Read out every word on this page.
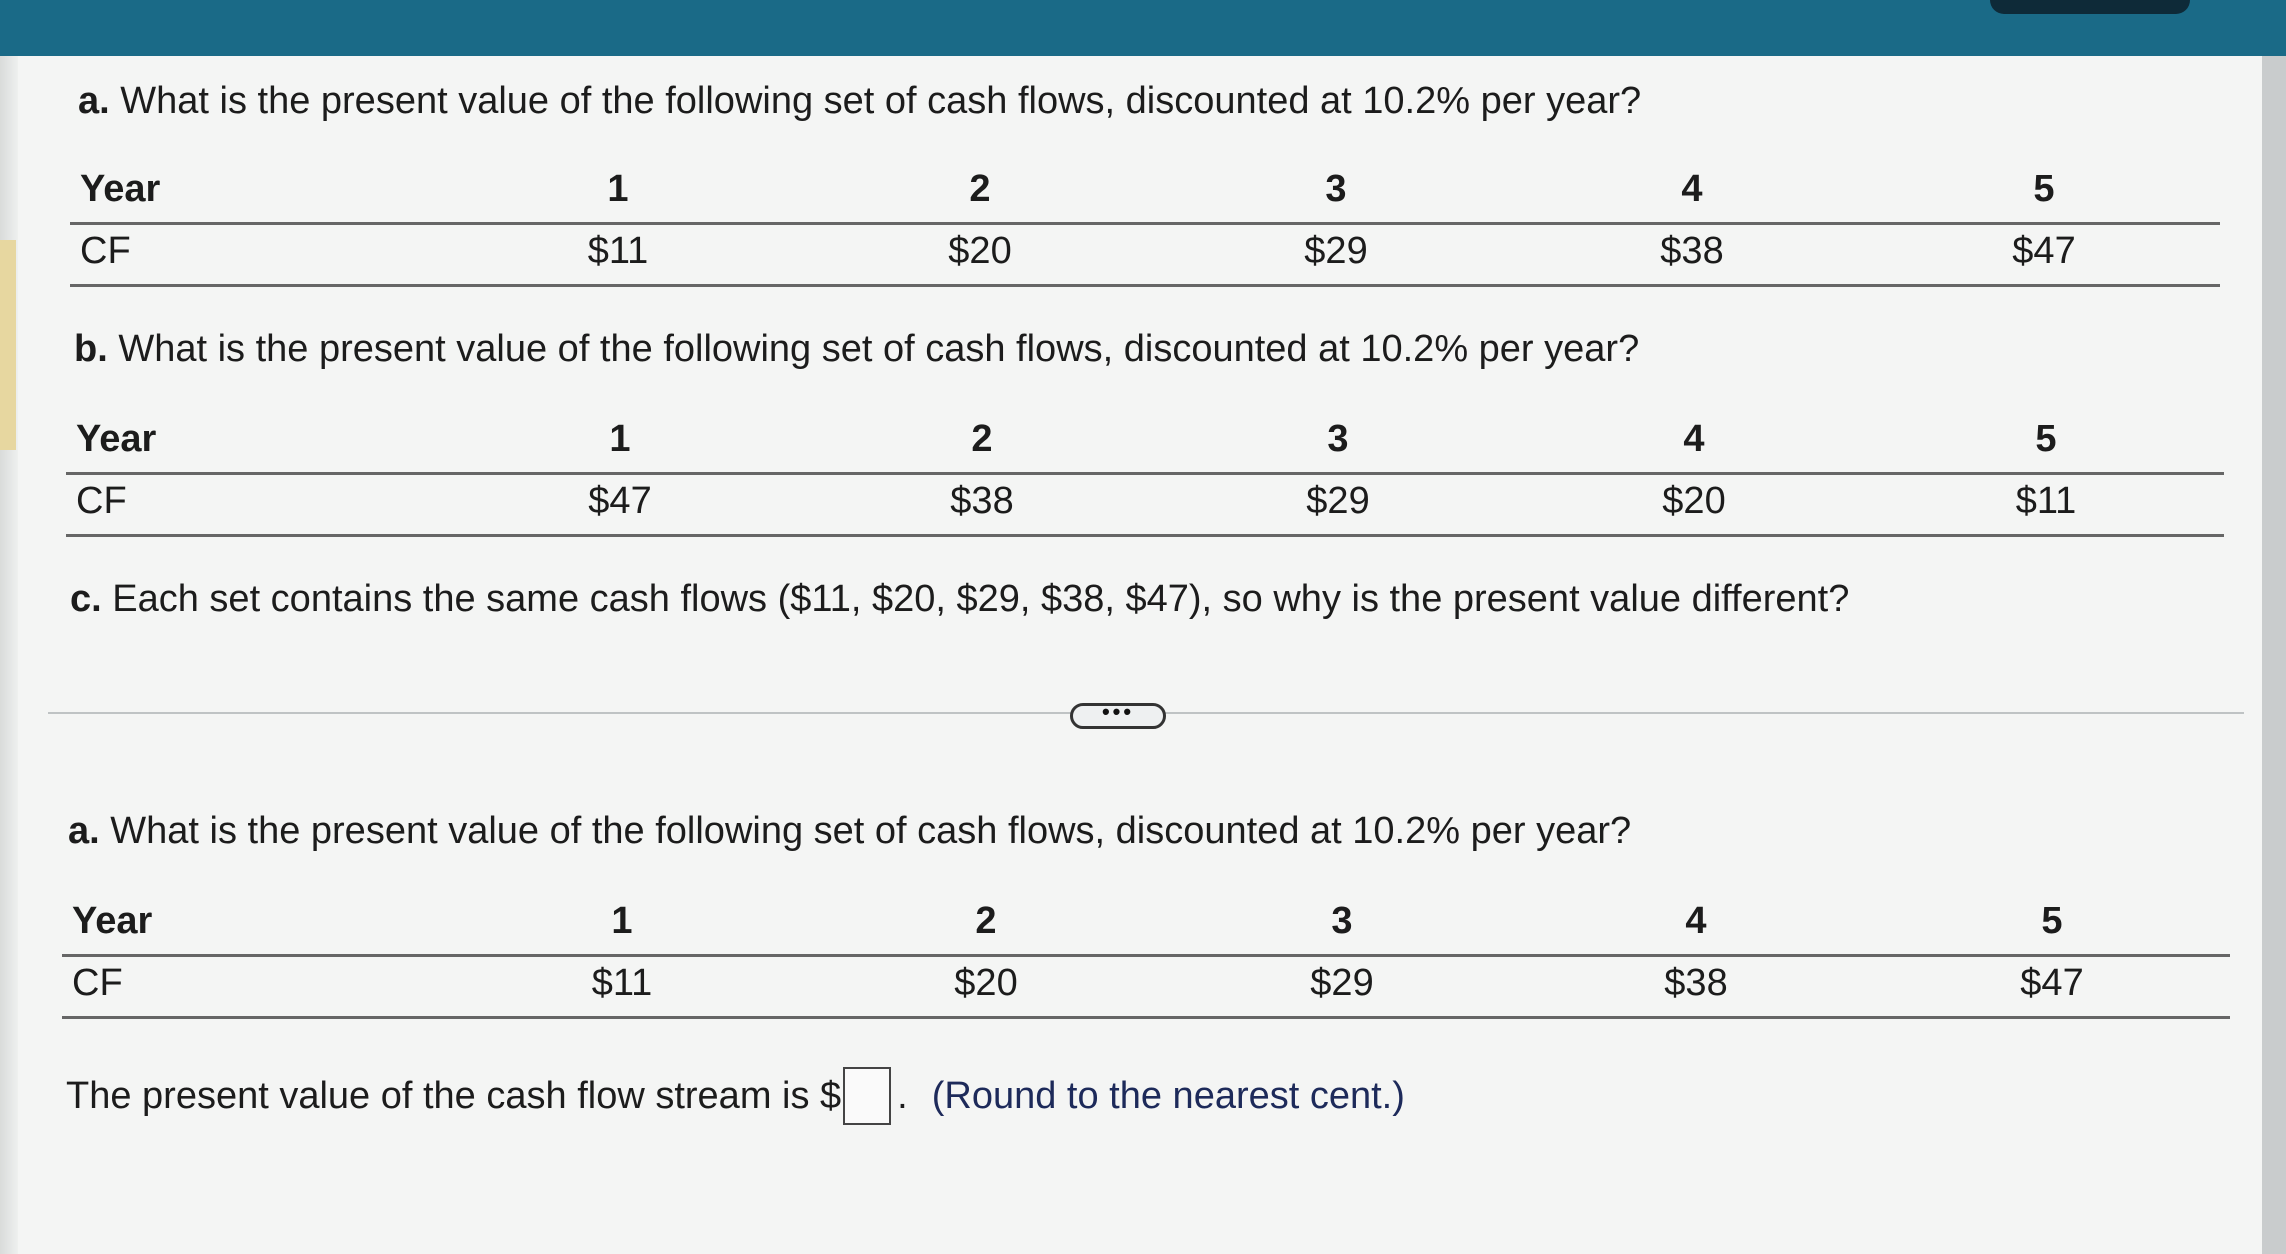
a. What is the present value of the following set of cash flows, discounted at 10.2% per year?
Year	1	2	3	4	5
CF	$11	$20	$29	$38	$47
b. What is the present value of the following set of cash flows, discounted at 10.2% per year?
Year	1	2	3	4	5
CF	$47	$38	$29	$20	$11
c. Each set contains the same cash flows ($11, $20, $29, $38, $47), so why is the present value different?
•••
a. What is the present value of the following set of cash flows, discounted at 10.2% per year?
Year	1	2	3	4	5
CF	$11	$20	$29	$38	$47
The present value of the cash flow stream is $ . (Round to the nearest cent.)
